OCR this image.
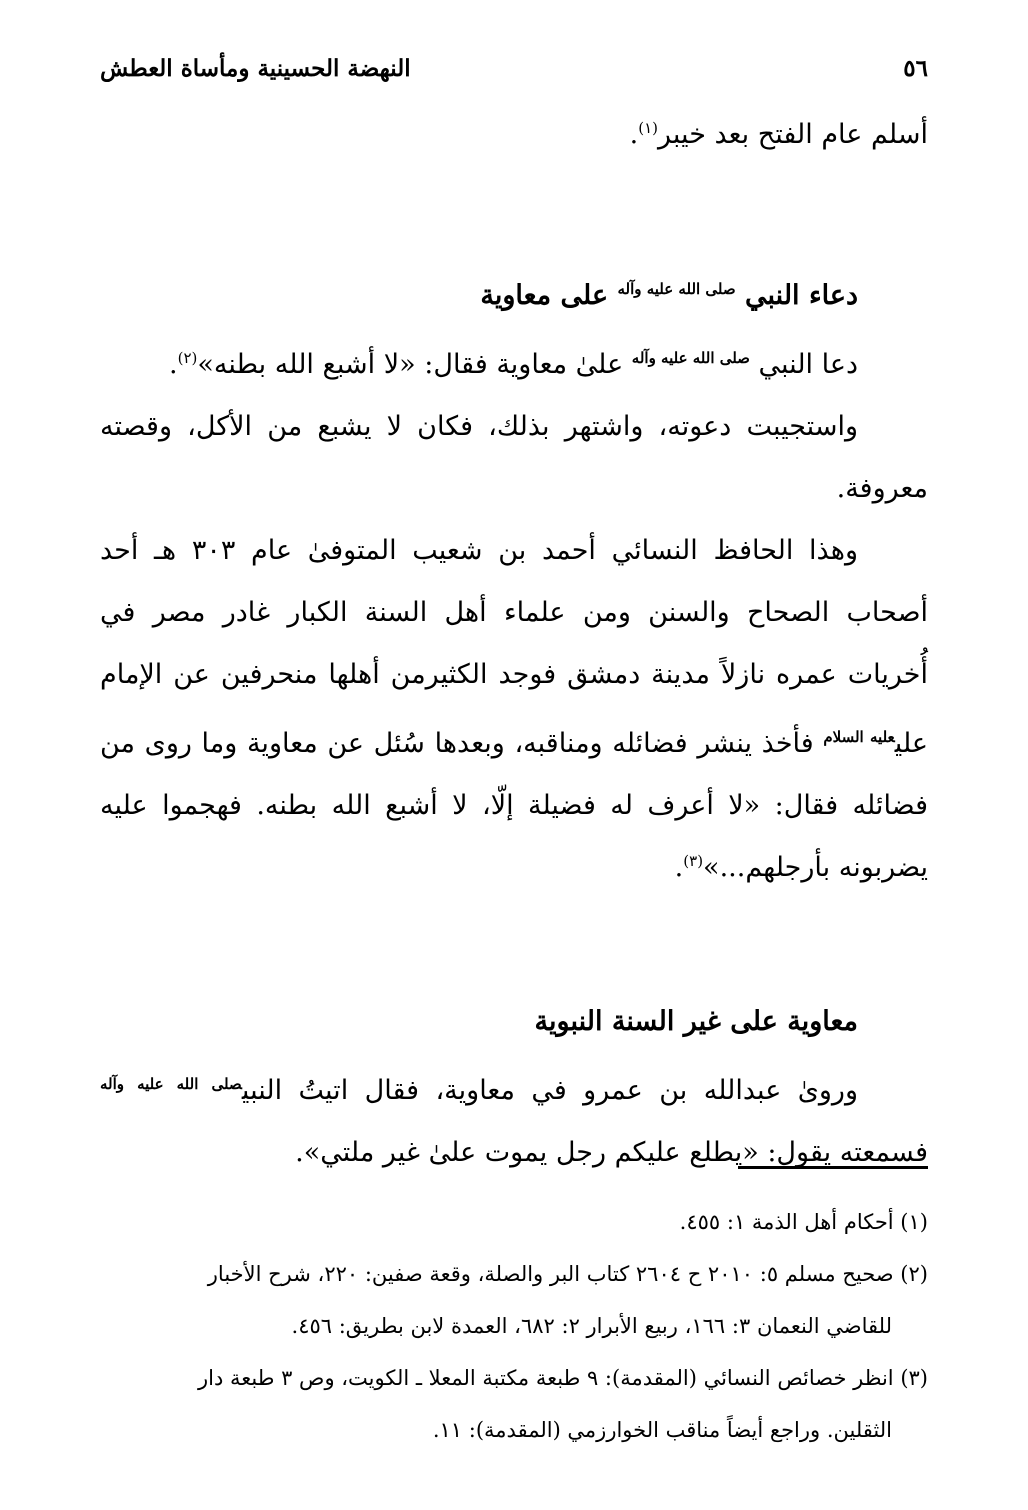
٥٦
النهضة الحسينية ومأساة العطش

أسلم عام الفتح بعد خيبر$^{(١)}$.

دعاء النبي $^{صلى الله عليه وآله}$ على معاوية

دعا النبي $^{صلى الله عليه وآله}$ علىٰ معاوية فقال: «لا أشبع الله بطنه»$^{(٢)}$.

واستجيبت دعوته، واشتهر بذلك، فكان لا يشبع من الأكل، وقصته معروفة.

وهذا الحافظ النسائي أحمد بن شعيب المتوفىٰ عام ٣٠٣ هـ أحد أصحاب الصحاح والسنن ومن علماء أهل السنة الكبار غادر مصر في أُخريات عمره نازلاً مدينة دمشق فوجد الكثيرمن أهلها منحرفين عن الإمام علي$^{عليه السلام}$ فأخذ ينشر فضائله ومناقبه، وبعدها سُئل عن معاوية وما روى من فضائله فقال: «لا أعرف له فضيلة إلّا، لا أشبع الله بطنه. فهجموا عليه يضربونه بأرجلهم...»$^{(٣)}$.

معاوية على غير السنة النبوية

ورویٰ عبدالله بن عمرو في معاوية، فقال اتيتُ النبي$^{صلى الله عليه وآله}$ فسمعته يقول: «يطلع عليكم رجل يموت علىٰ غير ملتي».

(١) أحكام أهل الذمة ١: ٤٥٥.

(٢) صحيح مسلم ٥: ٢٠١٠ ح ٢٦٠٤ كتاب البر والصلة، وقعة صفين: ٢٢٠، شرح الأخبار

للقاضي النعمان ٣: ١٦٦، ربيع الأبرار ٢: ٦٨٢، العمدة لابن بطريق: ٤٥٦.

(٣) انظر خصائص النسائي (المقدمة): ٩ طبعة مكتبة المعلا ـ الكويت، وص ٣ طبعة دار

الثقلين. وراجع أيضاً مناقب الخوارزمي (المقدمة): ١١.
